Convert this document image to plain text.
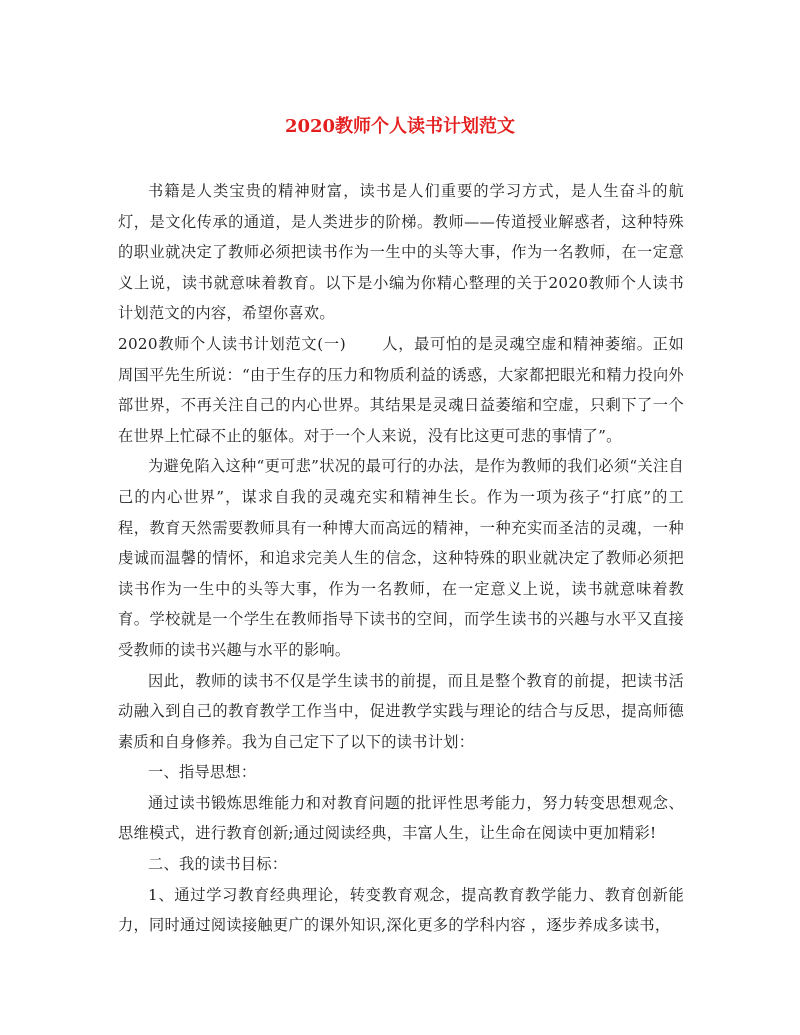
2020教师个人读书计划范文

书籍是人类宝贵的精神财富，读书是人们重要的学习方式，是人生奋斗的航灯，是文化传承的通道，是人类进步的阶梯。教师——传道授业解惑者，这种特殊的职业就决定了教师必须把读书作为一生中的头等大事，作为一名教师，在一定意义上说，读书就意味着教育。以下是小编为你精心整理的关于2020教师个人读书计划范文的内容，希望你喜欢。

2020教师个人读书计划范文(一) 人，最可怕的是灵魂空虚和精神萎缩。正如周国平先生所说：“由于生存的压力和物质利益的诱惑，大家都把眼光和精力投向外部世界，不再关注自己的内心世界。其结果是灵魂日益萎缩和空虚，只剩下了一个在世界上忙碌不止的躯体。对于一个人来说，没有比这更可悲的事情了”。

为避免陷入这种“更可悲”状况的最可行的办法，是作为教师的我们必须“关注自己的内心世界”，谋求自我的灵魂充实和精神生长。作为一项为孩子“打底”的工程，教育天然需要教师具有一种博大而高远的精神，一种充实而圣洁的灵魂，一种虔诚而温馨的情怀，和追求完美人生的信念，这种特殊的职业就决定了教师必须把读书作为一生中的头等大事，作为一名教师，在一定意义上说，读书就意味着教育。学校就是一个学生在教师指导下读书的空间，而学生读书的兴趣与水平又直接受教师的读书兴趣与水平的影响。

因此，教师的读书不仅是学生读书的前提，而且是整个教育的前提，把读书活动融入到自己的教育教学工作当中，促进教学实践与理论的结合与反思，提高师德素质和自身修养。我为自己定下了以下的读书计划：

一、指导思想：

通过读书锻炼思维能力和对教育问题的批评性思考能力，努力转变思想观念、思维模式，进行教育创新;通过阅读经典，丰富人生，让生命在阅读中更加精彩!

二、我的读书目标：

1、通过学习教育经典理论，转变教育观念，提高教育教学能力、教育创新能力，同时通过阅读接触更广的课外知识,深化更多的学科内容 ，逐步养成多读书，
